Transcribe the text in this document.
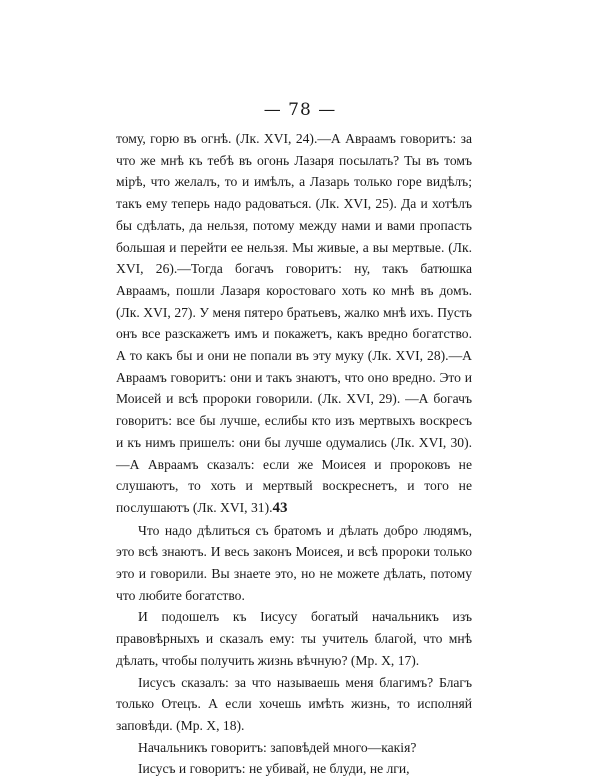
— 78 —

тому, горю въ огнѣ. (Лк. XVI, 24).—А Авраамъ говоритъ: за что же мнѣ къ тебѣ въ огонь Лазаря посылать? Ты въ томъ мірѣ, что желалъ, то и имѣлъ, а Лазарь только горе видѣлъ; такъ ему теперь надо радоваться. (Лк. XVI, 25). Да и хотѣлъ бы сдѣлать, да нельзя, потому между нами и вами пропасть большая и перейти ее нельзя. Мы живые, а вы мертвые. (Лк. XVI, 26).—Тогда богачъ говоритъ: ну, такъ батюшка Авраамъ, пошли Лазаря коростоваго хоть ко мнѣ въ домъ. (Лк. XVI, 27). У меня пятеро братьевъ, жалко мнѣ ихъ. Пусть онъ все разскажетъ имъ и покажетъ, какъ вредно богатство. А то какъ бы и они не попали въ эту муку (Лк. XVI, 28).—А Авраамъ говоритъ: они и такъ знаютъ, что оно вредно. Это и Моисей и всѣ пророки говорили. (Лк. XVI, 29). —А богачъ говоритъ: все бы лучше, еслибы кто изъ мертвыхъ воскресъ и къ нимъ пришелъ: они бы лучше одумались (Лк. XVI, 30).—А Авраамъ сказалъ: если же Моисея и пророковъ не слушаютъ, то хоть и мертвый воскреснетъ, и того не послушаютъ (Лк. XVI, 31).43

Что надо дѣлиться съ братомъ и дѣлать добро людямъ, это всѣ знаютъ. И весь законъ Моисея, и всѣ пророки только это и говорили. Вы знаете это, но не можете дѣлать, потому что любите богатство.

И подошелъ къ Іисусу богатый начальникъ изъ правовѣрныхъ и сказалъ ему: ты учитель благой, что мнѣ дѣлать, чтобы получить жизнь вѣчную? (Мр. X, 17).

Іисусъ сказалъ: за что называешь меня благимъ? Благъ только Отецъ. А если хочешь имѣть жизнь, то исполняй заповѣди. (Мр. X, 18).

Начальникъ говоритъ: заповѣдей много—какія?

Іисусъ и говоритъ: не убивай, не блуди, не лги,
